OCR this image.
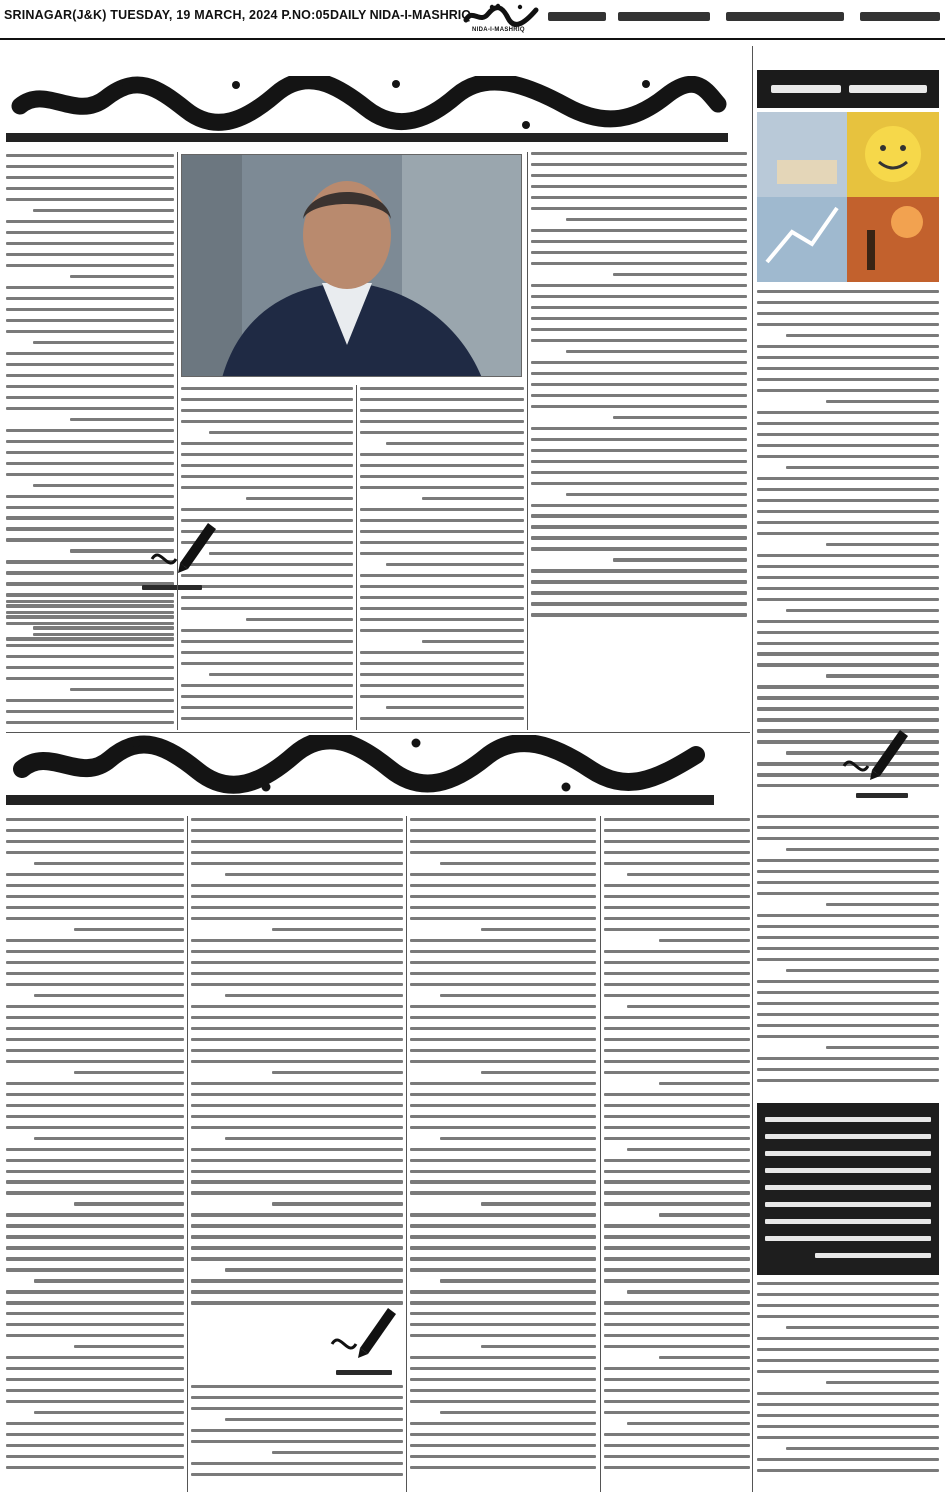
SRINAGAR(J&K) TUESDAY, 19 MARCH, 2024 P.NO:05 DAILY NIDA-I-MASHRIQ
NIDA-I-MASHRIQ
